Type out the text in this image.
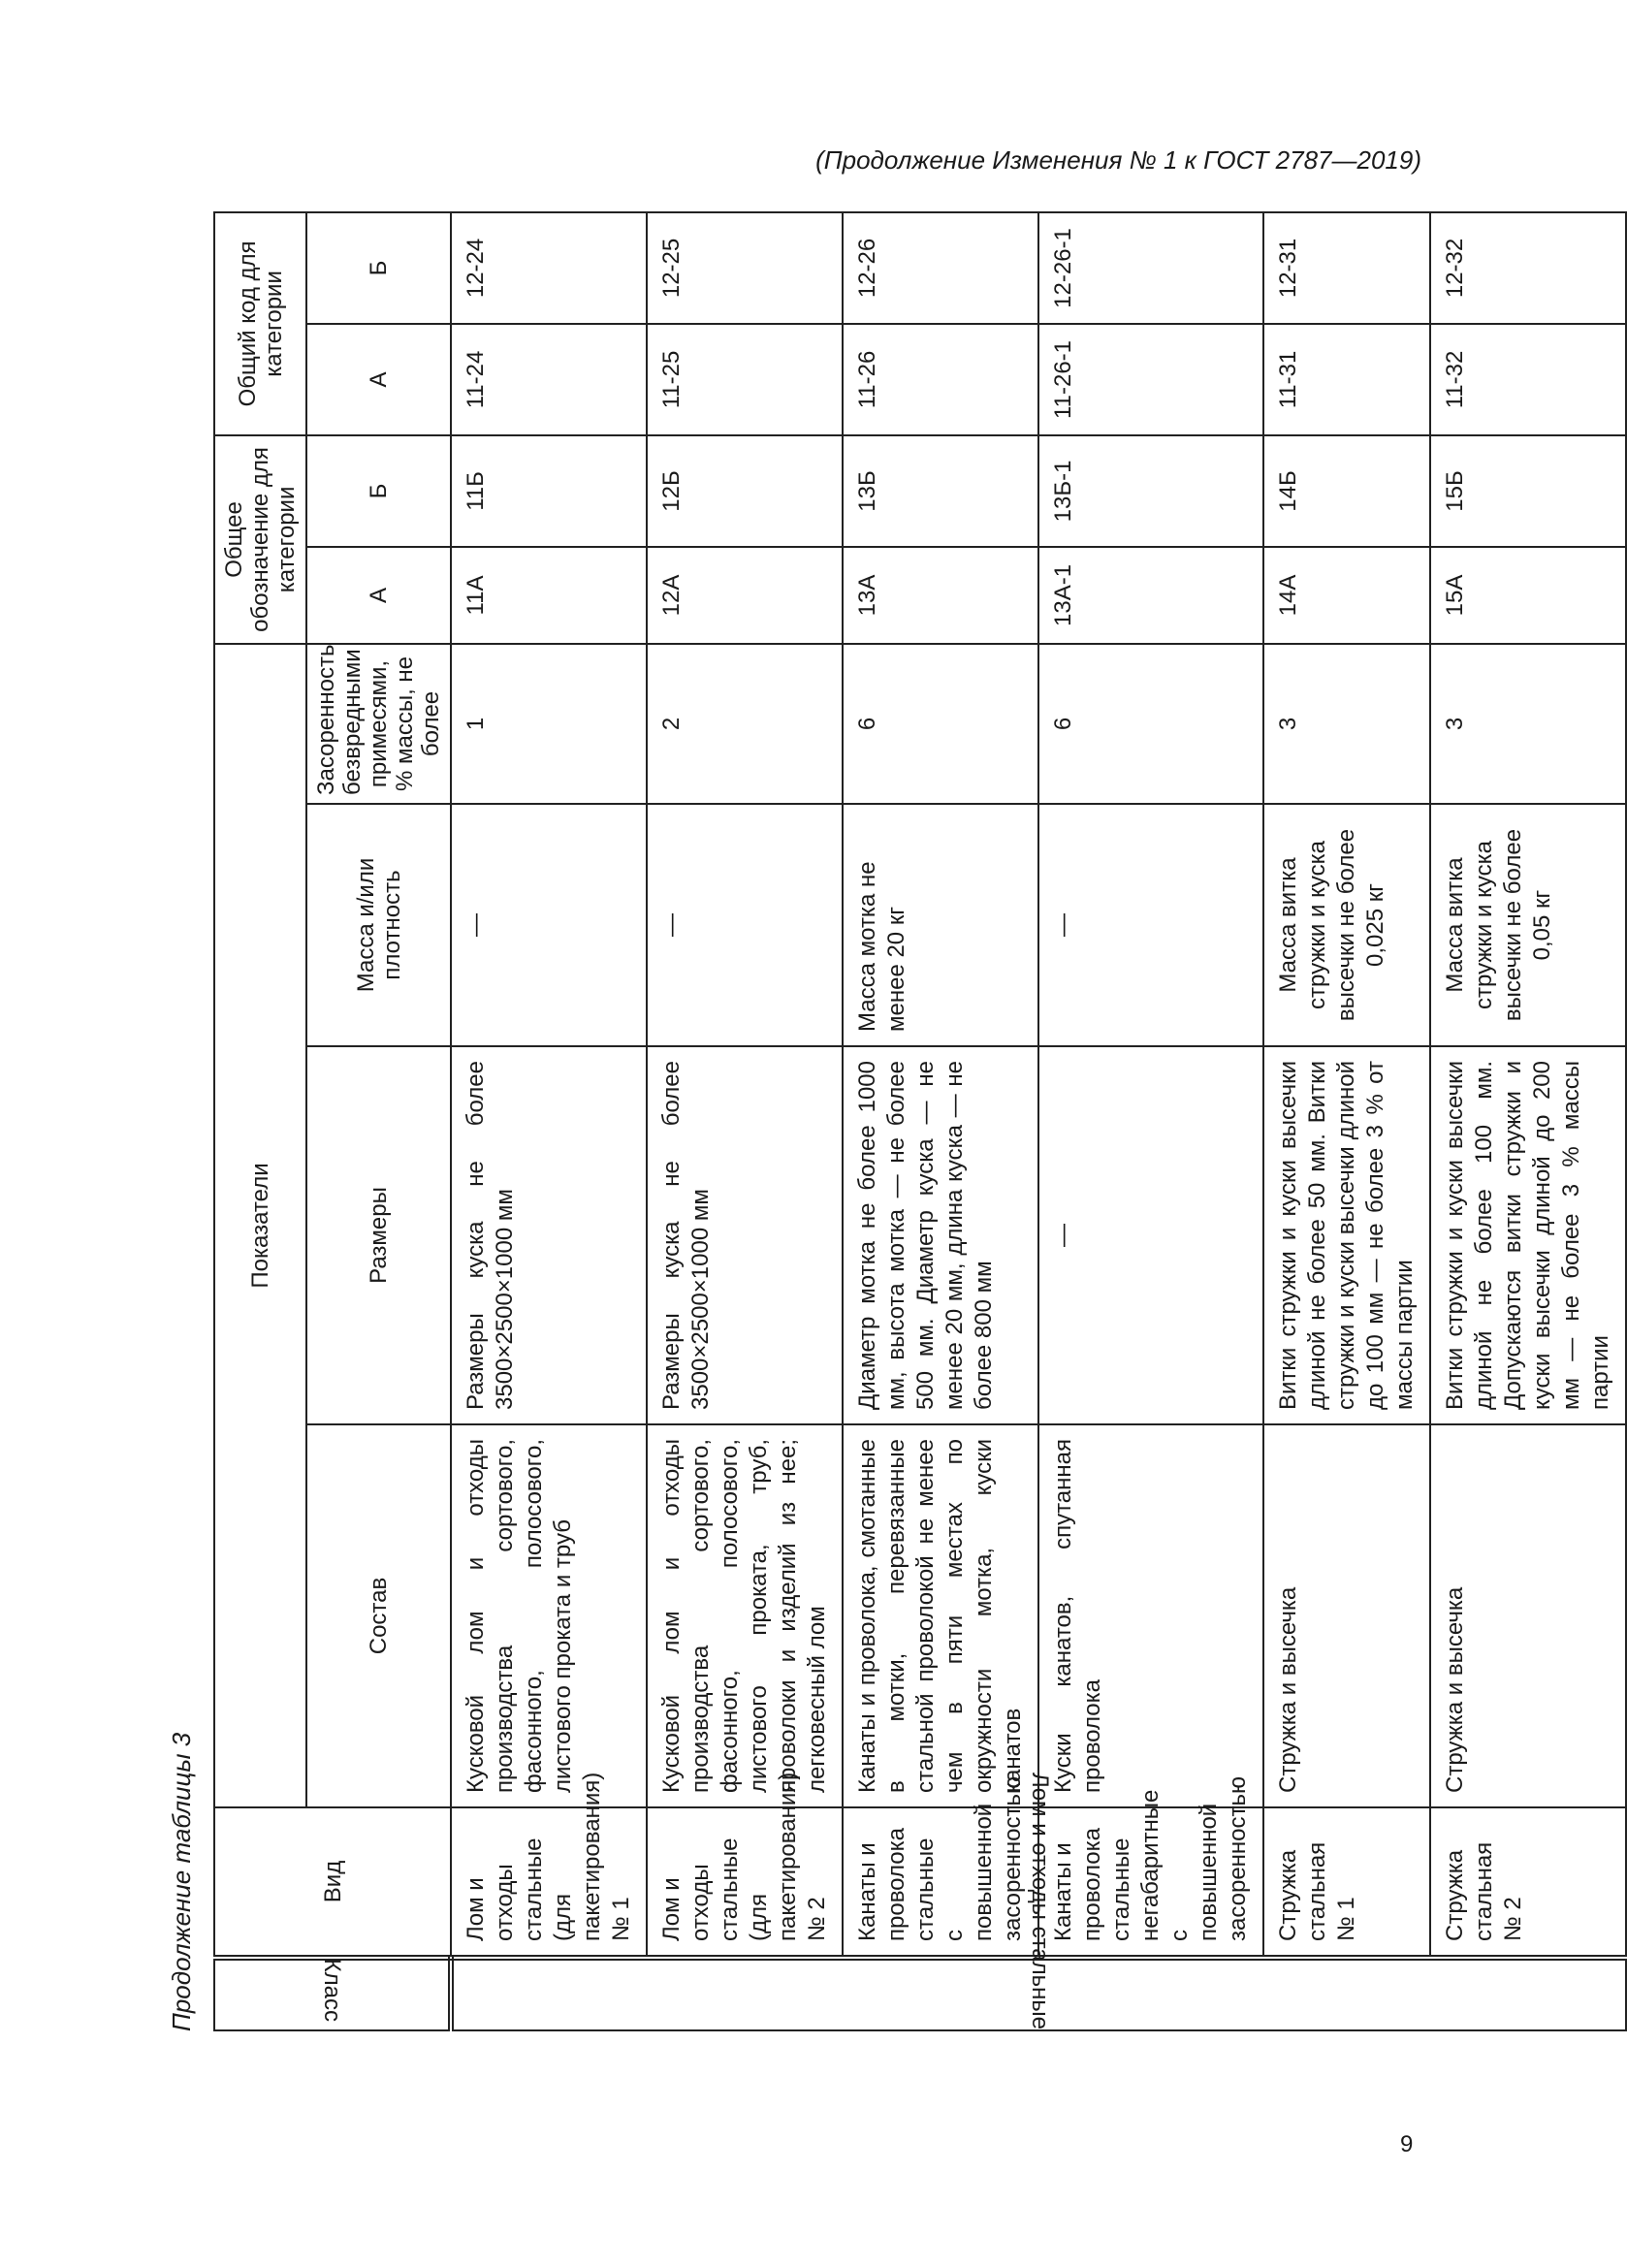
(Продолжение Изменения № 1 к ГОСТ 2787—2019)
Продолжение таблицы 3	Класс	Вид	Показатели				Общее обозначение для категории		Общий код для категории	
		Состав	Размеры	Масса и/или плотность	Засоренность безвредными примесями, % массы, не более	А	Б	А	Б

Лом и отходы стальные	Лом и отходы стальные (для пакетирования) № 1	Кусковой лом и отходы производства сортового, фасонного, полосового, листового проката и труб	Размеры куска не более 3500×2500×1000 мм	—	1	11А	11Б	11-24	12-24
	Лом и отходы стальные (для пакетирования) № 2	Кусковой лом и отходы производства сортового, фасонного, полосового, листового проката, труб, проволоки и изделий из нее; легковесный лом	Размеры куска не более 3500×2500×1000 мм	—	2	12А	12Б	11-25	12-25
	Канаты и проволока стальные с повышенной засоренностью	Канаты и проволока, смотанные в мотки, перевязанные стальной проволокой не менее чем в пяти местах по окружности мотка, куски канатов	Диаметр мотка не более 1000 мм, высота мотка — не более 500 мм. Диаметр куска — не менее 20 мм, длина куска — не более 800 мм	Масса мотка не менее 20 кг	6	13А	13Б	11-26	12-26
	Канаты и проволока стальные негабаритные с повышенной засоренностью	Куски канатов, спутанная проволока	—	—	6	13А-1	13Б-1	11-26-1	12-26-1
	Стружка стальная № 1	Стружка и высечка	Витки стружки и куски высечки длиной не более 50 мм. Витки стружки и куски высечки длиной до 100 мм — не более 3 % от массы партии	Масса витка стружки и куска высечки не более 0,025 кг	3	14А	14Б	11-31	12-31
	Стружка стальная № 2	Стружка и высечка	Витки стружки и куски высечки длиной не более 100 мм. Допускаются витки стружки и куски высечки длиной до 200 мм — не более 3 % массы партии	Масса витка стружки и куска высечки не более 0,05 кг	3	15А	15Б	11-32	12-32
9
